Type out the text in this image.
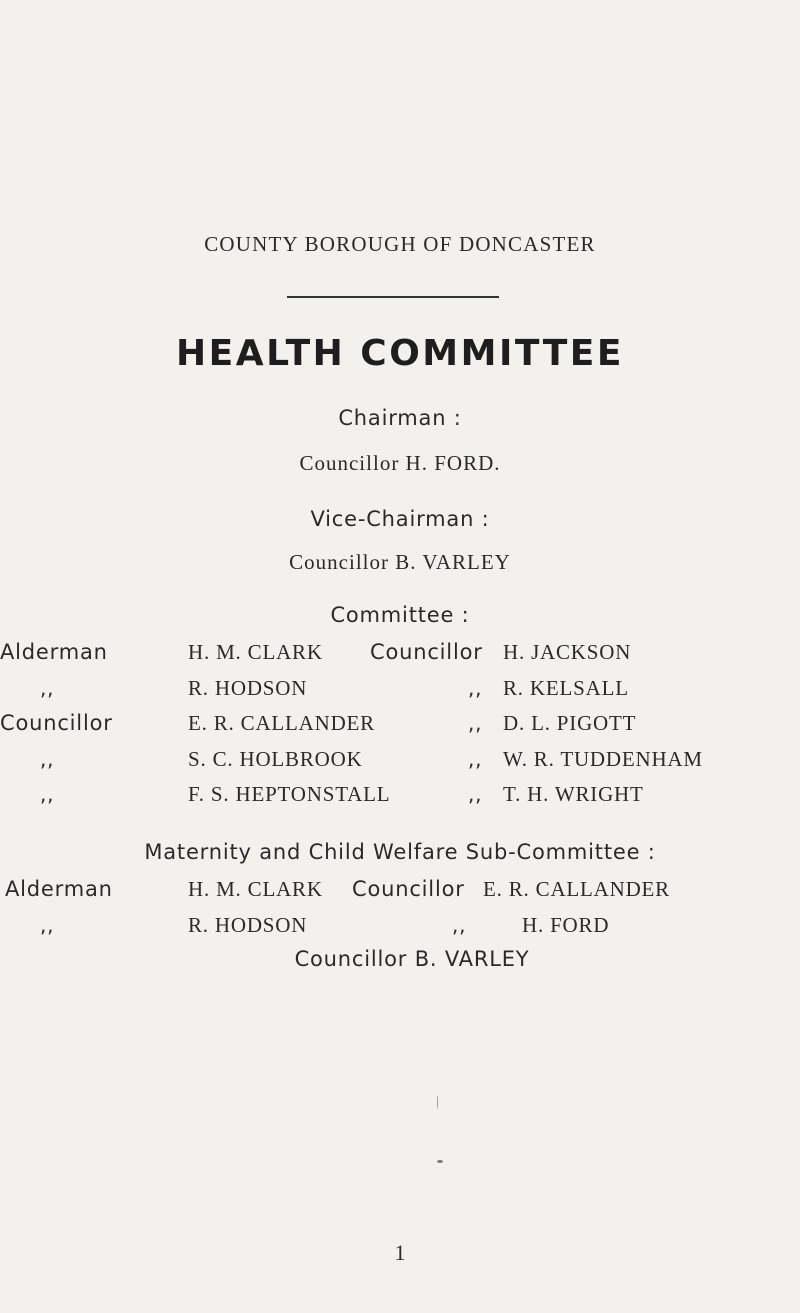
COUNTY BOROUGH OF DONCASTER
HEALTH COMMITTEE
Chairman :
Councillor H. FORD.
Vice-Chairman :
Councillor B. VARLEY
Committee :
Alderman	H. M. CLARK Councillor H. JACKSON
,,	R. HODSON	,, R. KELSALL
Councillor	E. R. CALLANDER	,, D. L. PIGOTT
,,	S. C. HOLBROOK	,, W. R. TUDDENHAM
,,	F. S. HEPTONSTALL	,, T. H. WRIGHT
Maternity and Child Welfare Sub-Committee :
Alderman	H. M. CLARK Councillor E. R. CALLANDER
,,	R. HODSON	,,	H. FORD
Councillor B. VARLEY
1
